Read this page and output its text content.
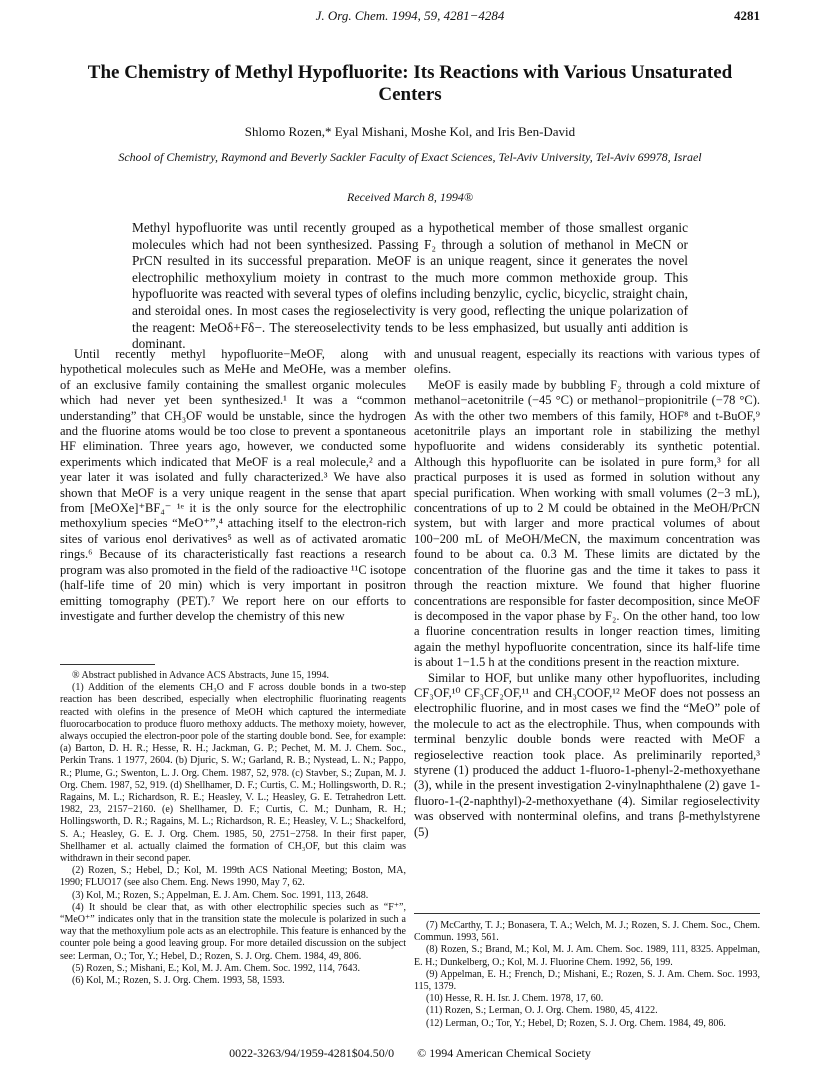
J. Org. Chem. 1994, 59, 4281−4284	4281
The Chemistry of Methyl Hypofluorite: Its Reactions with Various Unsaturated Centers
Shlomo Rozen,* Eyal Mishani, Moshe Kol, and Iris Ben-David
School of Chemistry, Raymond and Beverly Sackler Faculty of Exact Sciences, Tel-Aviv University, Tel-Aviv 69978, Israel
Received March 8, 1994®
Methyl hypofluorite was until recently grouped as a hypothetical member of those smallest organic molecules which had not been synthesized. Passing F₂ through a solution of methanol in MeCN or PrCN resulted in its successful preparation. MeOF is an unique reagent, since it generates the novel electrophilic methoxylium moiety in contrast to the much more common methoxide group. This hypofluorite was reacted with several types of olefins including benzylic, cyclic, bicyclic, straight chain, and steroidal ones. In most cases the regioselectivity is very good, reflecting the unique polarization of the reagent: MeOδ+Fδ−. The stereoselectivity tends to be less emphasized, but usually anti addition is dominant.

Until recently methyl hypofluorite−MeOF, along with hypothetical molecules such as MeHe and MeOHe, was a member of an exclusive family containing the smallest organic molecules which had never yet been synthesized.¹ It was a “common understanding” that CH₃OF would be unstable, since the hydrogen and the fluorine atoms would be too close to prevent a spontaneous HF elimination. Three years ago, however, we conducted some experiments which indicated that MeOF is a real molecule,² and a year later it was isolated and fully characterized.³ We have also shown that MeOF is a very unique reagent in the sense that apart from [MeOXe]⁺BF₄⁻ ¹ᵉ it is the only source for the electrophilic methoxylium species “MeO⁺”,⁴ attaching itself to the electron-rich sites of various enol derivatives⁵ as well as of activated aromatic rings.⁶ Because of its characteristically fast reactions a research program was also promoted in the field of the radioactive ¹¹C isotope (half-life time of 20 min) which is very important in positron emitting tomography (PET).⁷ We report here on our efforts to investigate and further develop the chemistry of this new

and unusual reagent, especially its reactions with various types of olefins.

MeOF is easily made by bubbling F₂ through a cold mixture of methanol−acetonitrile (−45 °C) or methanol−propionitrile (−78 °C). As with the other two members of this family, HOF⁸ and t-BuOF,⁹ acetonitrile plays an important role in stabilizing the methyl hypofluorite and widens considerably its synthetic potential. Although this hypofluorite can be isolated in pure form,³ for all practical purposes it is used as formed in solution without any special purification. When working with small volumes (2−3 mL), concentrations of up to 2 M could be obtained in the MeOH/PrCN system, but with larger and more practical volumes of about 100−200 mL of MeOH/MeCN, the maximum concentration was found to be about ca. 0.3 M. These limits are dictated by the concentration of the fluorine gas and the time it takes to pass it through the reaction mixture. We found that higher fluorine concentrations are responsible for faster decomposition, since MeOF is decomposed in the vapor phase by F₂. On the other hand, too low a fluorine concentration results in longer reaction times, limiting again the methyl hypofluorite concentration, since its half-life time is about 1−1.5 h at the conditions present in the reaction mixture.

Similar to HOF, but unlike many other hypofluorites, including CF₃OF,¹⁰ CF₃CF₂OF,¹¹ and CH₃COOF,¹² MeOF does not possess an electrophilic fluorine, and in most cases we find the “MeO” pole of the molecule to act as the electrophile. Thus, when compounds with terminal benzylic double bonds were reacted with MeOF a regioselective reaction took place. As preliminarily reported,³ styrene (1) produced the adduct 1-fluoro-1-phenyl-2-methoxyethane (3), while in the present investigation 2-vinylnaphthalene (2) gave 1-fluoro-1-(2-naphthyl)-2-methoxyethane (4). Similar regioselectivity was observed with nonterminal olefins, and trans β-methylstyrene (5)

® Abstract published in Advance ACS Abstracts, June 15, 1994.

(1) Addition of the elements CH₃O and F across double bonds in a two-step reaction has been described, especially when electrophilic fluorinating reagents reacted with olefins in the presence of MeOH which captured the intermediate fluorocarbocation to produce fluoro methoxy adducts. The methoxy moiety, however, always occupied the electron-poor pole of the starting double bond. See, for example: (a) Barton, D. H. R.; Hesse, R. H.; Jackman, G. P.; Pechet, M. M. J. Chem. Soc., Perkin Trans. 1 1977, 2604. (b) Djuric, S. W.; Garland, R. B.; Nystead, L. N.; Pappo, R.; Plume, G.; Swenton, L. J. Org. Chem. 1987, 52, 978. (c) Stavber, S.; Zupan, M. J. Org. Chem. 1987, 52, 919. (d) Shellhamer, D. F.; Curtis, C. M.; Hollingsworth, D. R.; Ragains, M. L.; Richardson, R. E.; Heasley, V. L.; Heasley, G. E. Tetrahedron Lett. 1982, 23, 2157−2160. (e) Shellhamer, D. F.; Curtis, C. M.; Dunham, R. H.; Hollingsworth, D. R.; Ragains, M. L.; Richardson, R. E.; Heasley, V. L.; Shackelford, S. A.; Heasley, G. E. J. Org. Chem. 1985, 50, 2751−2758. In their first paper, Shellhamer et al. actually claimed the formation of CH₃OF, but this claim was withdrawn in their second paper.

(2) Rozen, S.; Hebel, D.; Kol, M. 199th ACS National Meeting; Boston, MA, 1990; FLUO17 (see also Chem. Eng. News 1990, May 7, 62.

(3) Kol, M.; Rozen, S.; Appelman, E. J. Am. Chem. Soc. 1991, 113, 2648.

(4) It should be clear that, as with other electrophilic species such as “F⁺”, “MeO⁺” indicates only that in the transition state the molecule is polarized in such a way that the methoxylium pole acts as an electrophile. This feature is enhanced by the counter pole being a good leaving group. For more detailed discussion on the subject see: Lerman, O.; Tor, Y.; Hebel, D.; Rozen, S. J. Org. Chem. 1984, 49, 806.

(5) Rozen, S.; Mishani, E.; Kol, M. J. Am. Chem. Soc. 1992, 114, 7643.

(6) Kol, M.; Rozen, S. J. Org. Chem. 1993, 58, 1593.

(7) McCarthy, T. J.; Bonasera, T. A.; Welch, M. J.; Rozen, S. J. Chem. Soc., Chem. Commun. 1993, 561.

(8) Rozen, S.; Brand, M.; Kol, M. J. Am. Chem. Soc. 1989, 111, 8325. Appelman, E. H.; Dunkelberg, O.; Kol, M. J. Fluorine Chem. 1992, 56, 199.

(9) Appelman, E. H.; French, D.; Mishani, E.; Rozen, S. J. Am. Chem. Soc. 1993, 115, 1379.

(10) Hesse, R. H. Isr. J. Chem. 1978, 17, 60.

(11) Rozen, S.; Lerman, O. J. Org. Chem. 1980, 45, 4122.

(12) Lerman, O.; Tor, Y.; Hebel, D; Rozen, S. J. Org. Chem. 1984, 49, 806.

0022-3263/94/1959-4281$04.50/0 © 1994 American Chemical Society
